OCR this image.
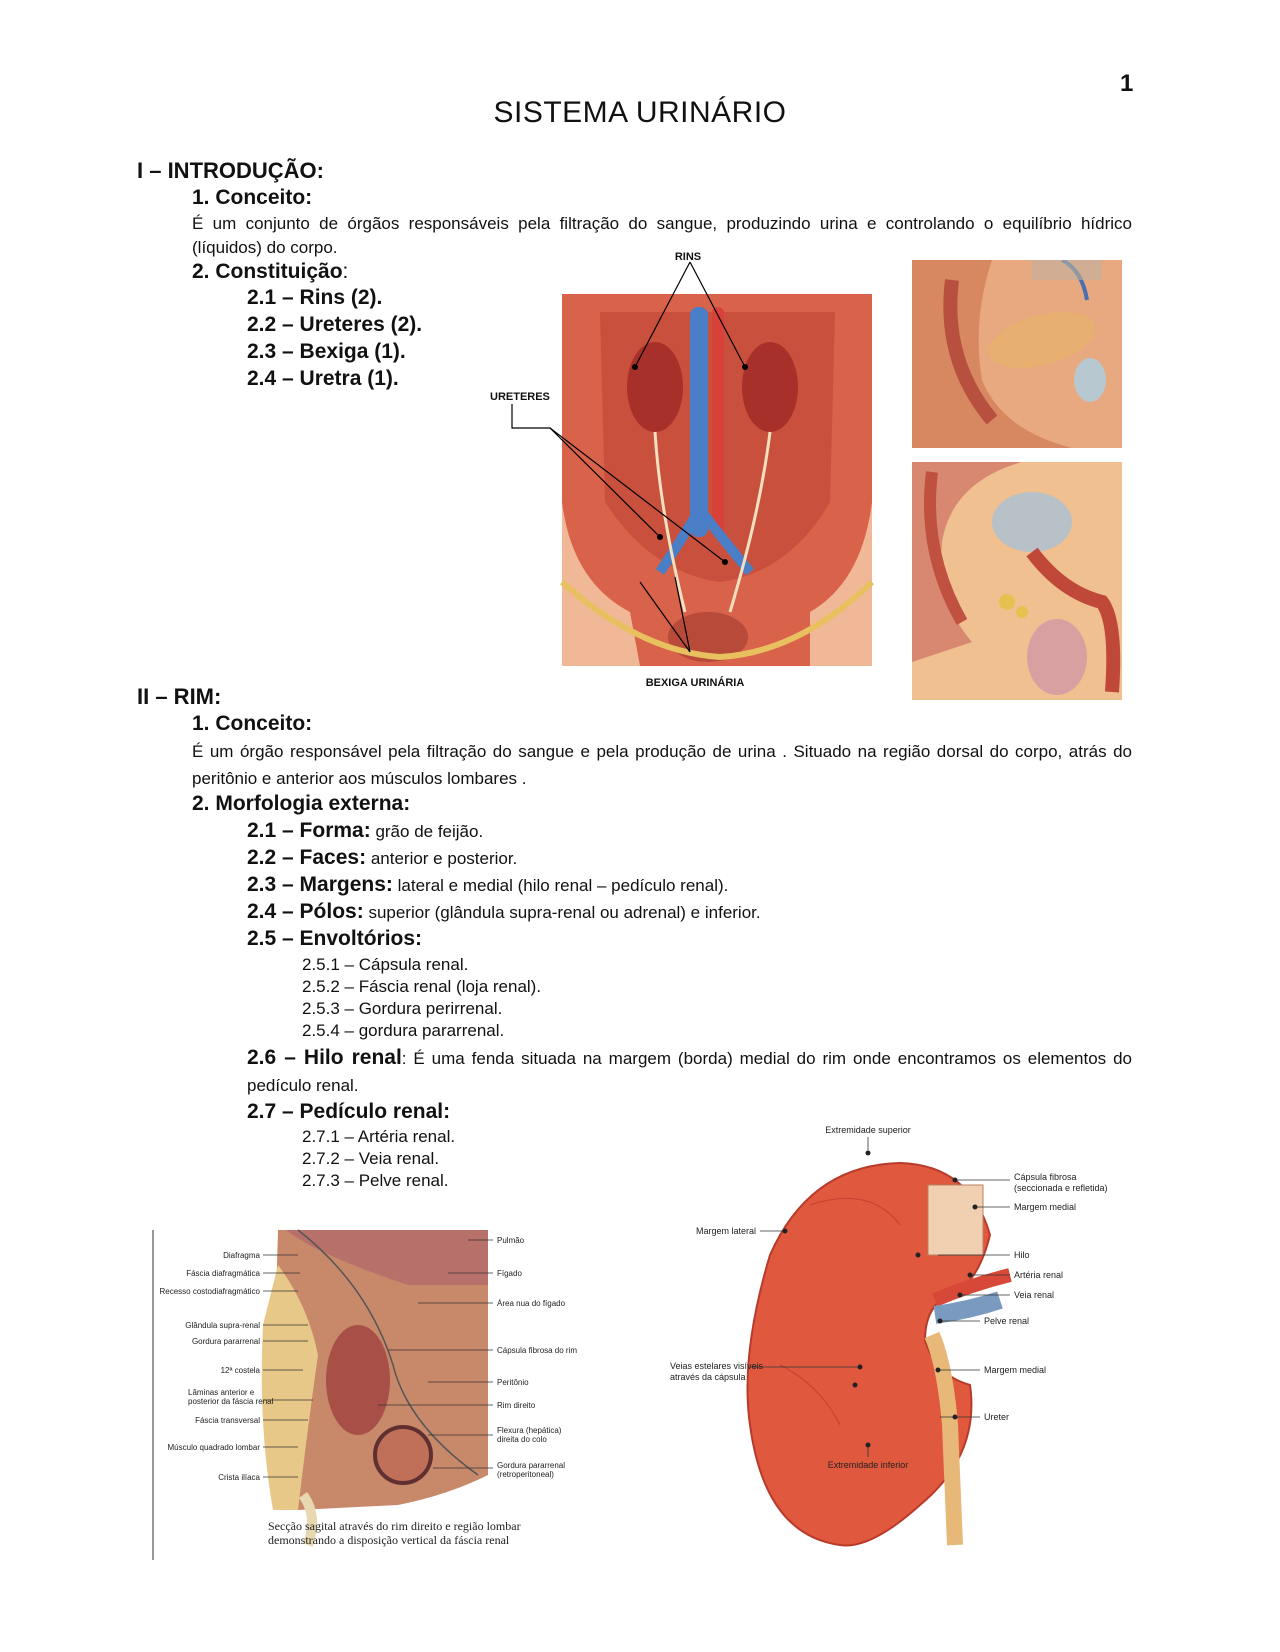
1
SISTEMA URINÁRIO
I – INTRODUÇÃO:
1. Conceito:
É um conjunto de órgãos responsáveis pela filtração do sangue, produzindo urina e controlando o equilíbrio hídrico (líquidos) do corpo.
2. Constituição:
2.1 – Rins (2).
2.2 – Ureteres (2).
2.3 – Bexiga (1).
2.4 – Uretra (1).
RINS
URETERES
BEXIGA URINÁRIA
II – RIM:
1. Conceito:
É um órgão responsável pela filtração do sangue e pela produção de urina . Situado na região dorsal do corpo, atrás do peritônio e anterior aos músculos lombares .
2. Morfologia externa:
2.1 – Forma: grão de feijão.
2.2 – Faces: anterior e posterior.
2.3 – Margens: lateral e medial (hilo renal – pedículo renal).
2.4 – Pólos: superior (glândula supra-renal ou adrenal) e inferior.
2.5 – Envoltórios:
2.5.1 – Cápsula renal.
2.5.2 – Fáscia renal (loja renal).
2.5.3 – Gordura perirrenal.
2.5.4 – gordura pararrenal.
2.6 – Hilo renal: É uma fenda situada na margem (borda) medial do rim onde encontramos os elementos do pedículo renal.
2.7 – Pedículo renal:
2.7.1 – Artéria renal.
2.7.2 – Veia renal.
2.7.3 – Pelve renal.
Diafragma
Fáscia diafragmática
Recesso costodiafragmático
Glândula supra-renal
Gordura pararrenal
12ª costela
Lâminas anterior e
posterior da fáscia renal
Fáscia transversal
Músculo quadrado lombar
Crista ilíaca
Pulmão
Fígado
Área nua do fígado
Cápsula fibrosa do rim
Peritônio
Rim direito
Flexura (hepática)
direita do colo
Gordura pararrenal
(retroperitoneal)
Secção sagital através do rim direito e região lombar
demonstrando a disposição vertical da fáscia renal
Extremidade superior
Margem lateral
Veias estelares visíveis
através da cápsula
Cápsula fibrosa
(seccionada e refletida)
Margem medial
Hilo
Artéria renal
Veia renal
Pelve renal
Margem medial
Ureter
Extremidade inferior
